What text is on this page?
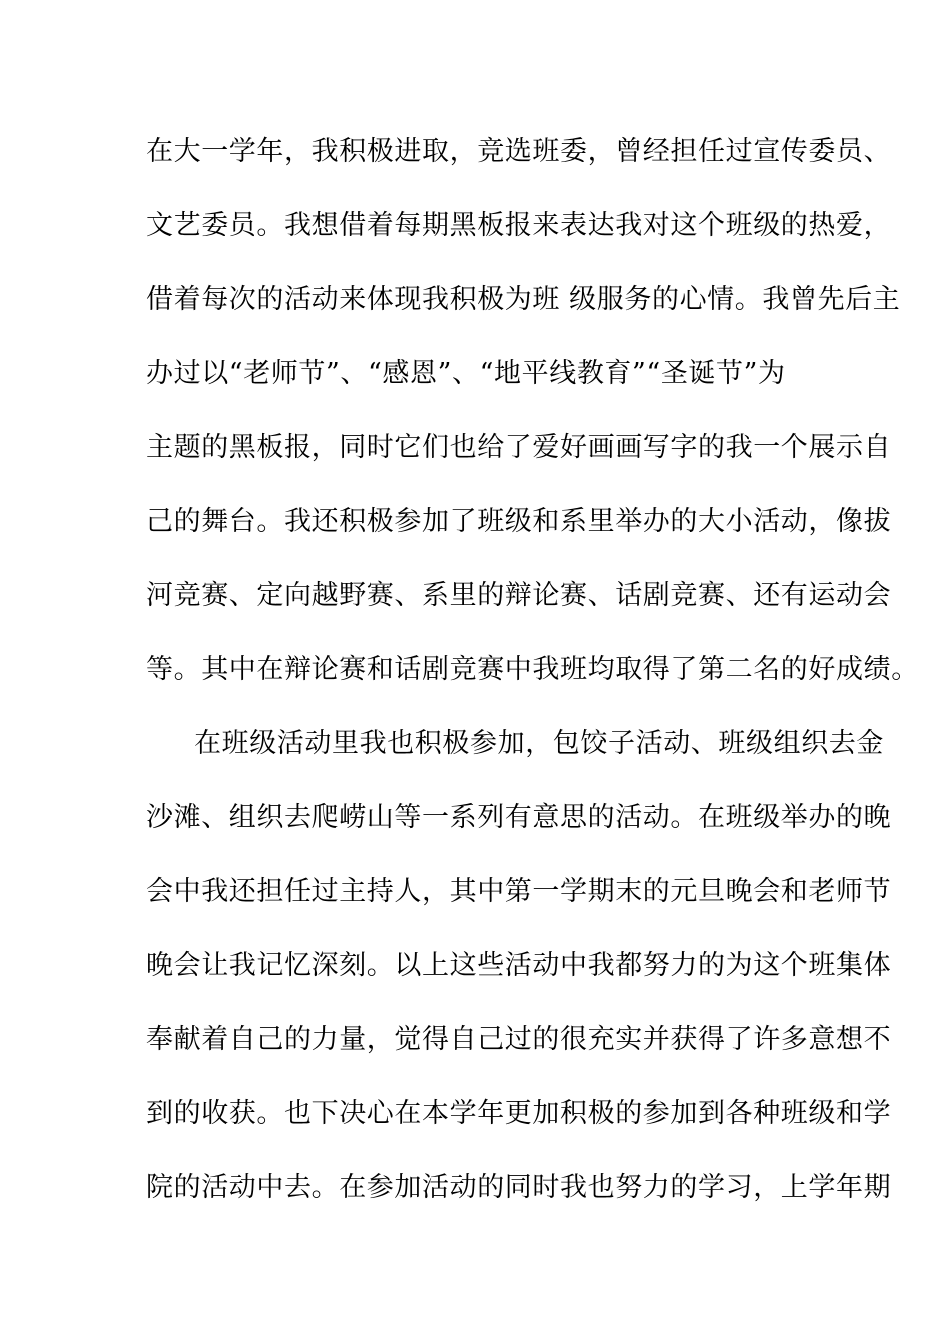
在大一学年，我积极进取，竞选班委，曾经担任过宣传委员、
文艺委员。我想借着每期黑板报来表达我对这个班级的热爱，
借着每次的活动来体现我积极为班 级服务的心情。我曾先后主
办过以“老师节”、“感恩”、“地平线教育”“圣诞节”为
主题的黑板报，同时它们也给了爱好画画写字的我一个展示自
己的舞台。我还积极参加了班级和系里举办的大小活动，像拔
河竞赛、定向越野赛、系里的辩论赛、话剧竞赛、还有运动会
等。其中在辩论赛和话剧竞赛中我班均取得了第二名的好成绩。
在班级活动里我也积极参加，包饺子活动、班级组织去金
沙滩、组织去爬崂山等一系列有意思的活动。在班级举办的晚
会中我还担任过主持人，其中第一学期末的元旦晚会和老师节
晚会让我记忆深刻。以上这些活动中我都努力的为这个班集体
奉献着自己的力量，觉得自己过的很充实并获得了许多意想不
到的收获。也下决心在本学年更加积极的参加到各种班级和学
院的活动中去。在参加活动的同时我也努力的学习，上学年期
